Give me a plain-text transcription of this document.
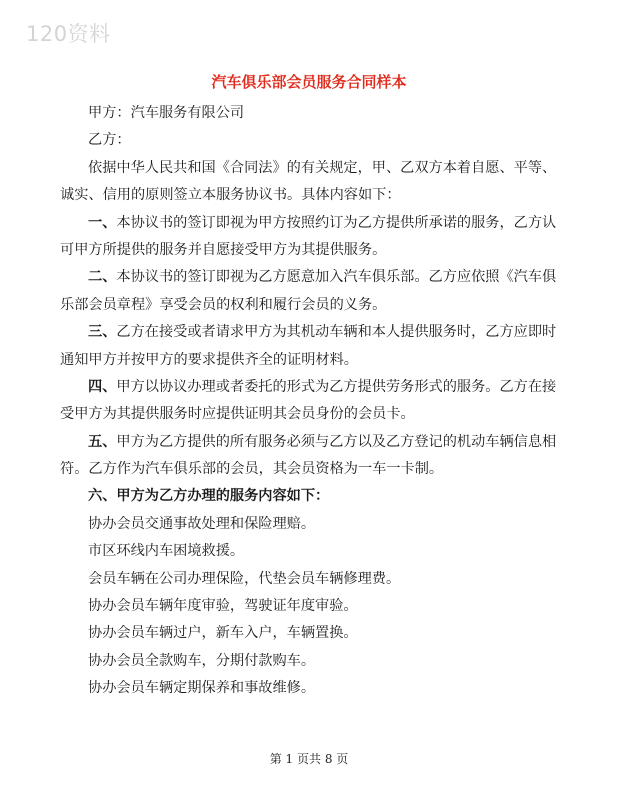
120资料
汽车俱乐部会员服务合同样本
甲方：汽车服务有限公司
乙方：
依据中华人民共和国《合同法》的有关规定，甲、乙双方本着自愿、平等、
诚实、信用的原则签立本服务协议书。具体内容如下：
一、本协议书的签订即视为甲方按照约订为乙方提供所承诺的服务，乙方认
可甲方所提供的服务并自愿接受甲方为其提供服务。
二、本协议书的签订即视为乙方愿意加入汽车俱乐部。乙方应依照《汽车俱
乐部会员章程》享受会员的权利和履行会员的义务。
三、乙方在接受或者请求甲方为其机动车辆和本人提供服务时，乙方应即时
通知甲方并按甲方的要求提供齐全的证明材料。
四、甲方以协议办理或者委托的形式为乙方提供劳务形式的服务。乙方在接
受甲方为其提供服务时应提供证明其会员身份的会员卡。
五、甲方为乙方提供的所有服务必须与乙方以及乙方登记的机动车辆信息相
符。乙方作为汽车俱乐部的会员，其会员资格为一车一卡制。
六、甲方为乙方办理的服务内容如下：
协办会员交通事故处理和保险理赔。
市区环线内车困境救援。
会员车辆在公司办理保险，代垫会员车辆修理费。
协办会员车辆年度审验，驾驶证年度审验。
协办会员车辆过户，新车入户，车辆置换。
协办会员全款购车，分期付款购车。
协办会员车辆定期保养和事故维修。
第 1 页共 8 页
